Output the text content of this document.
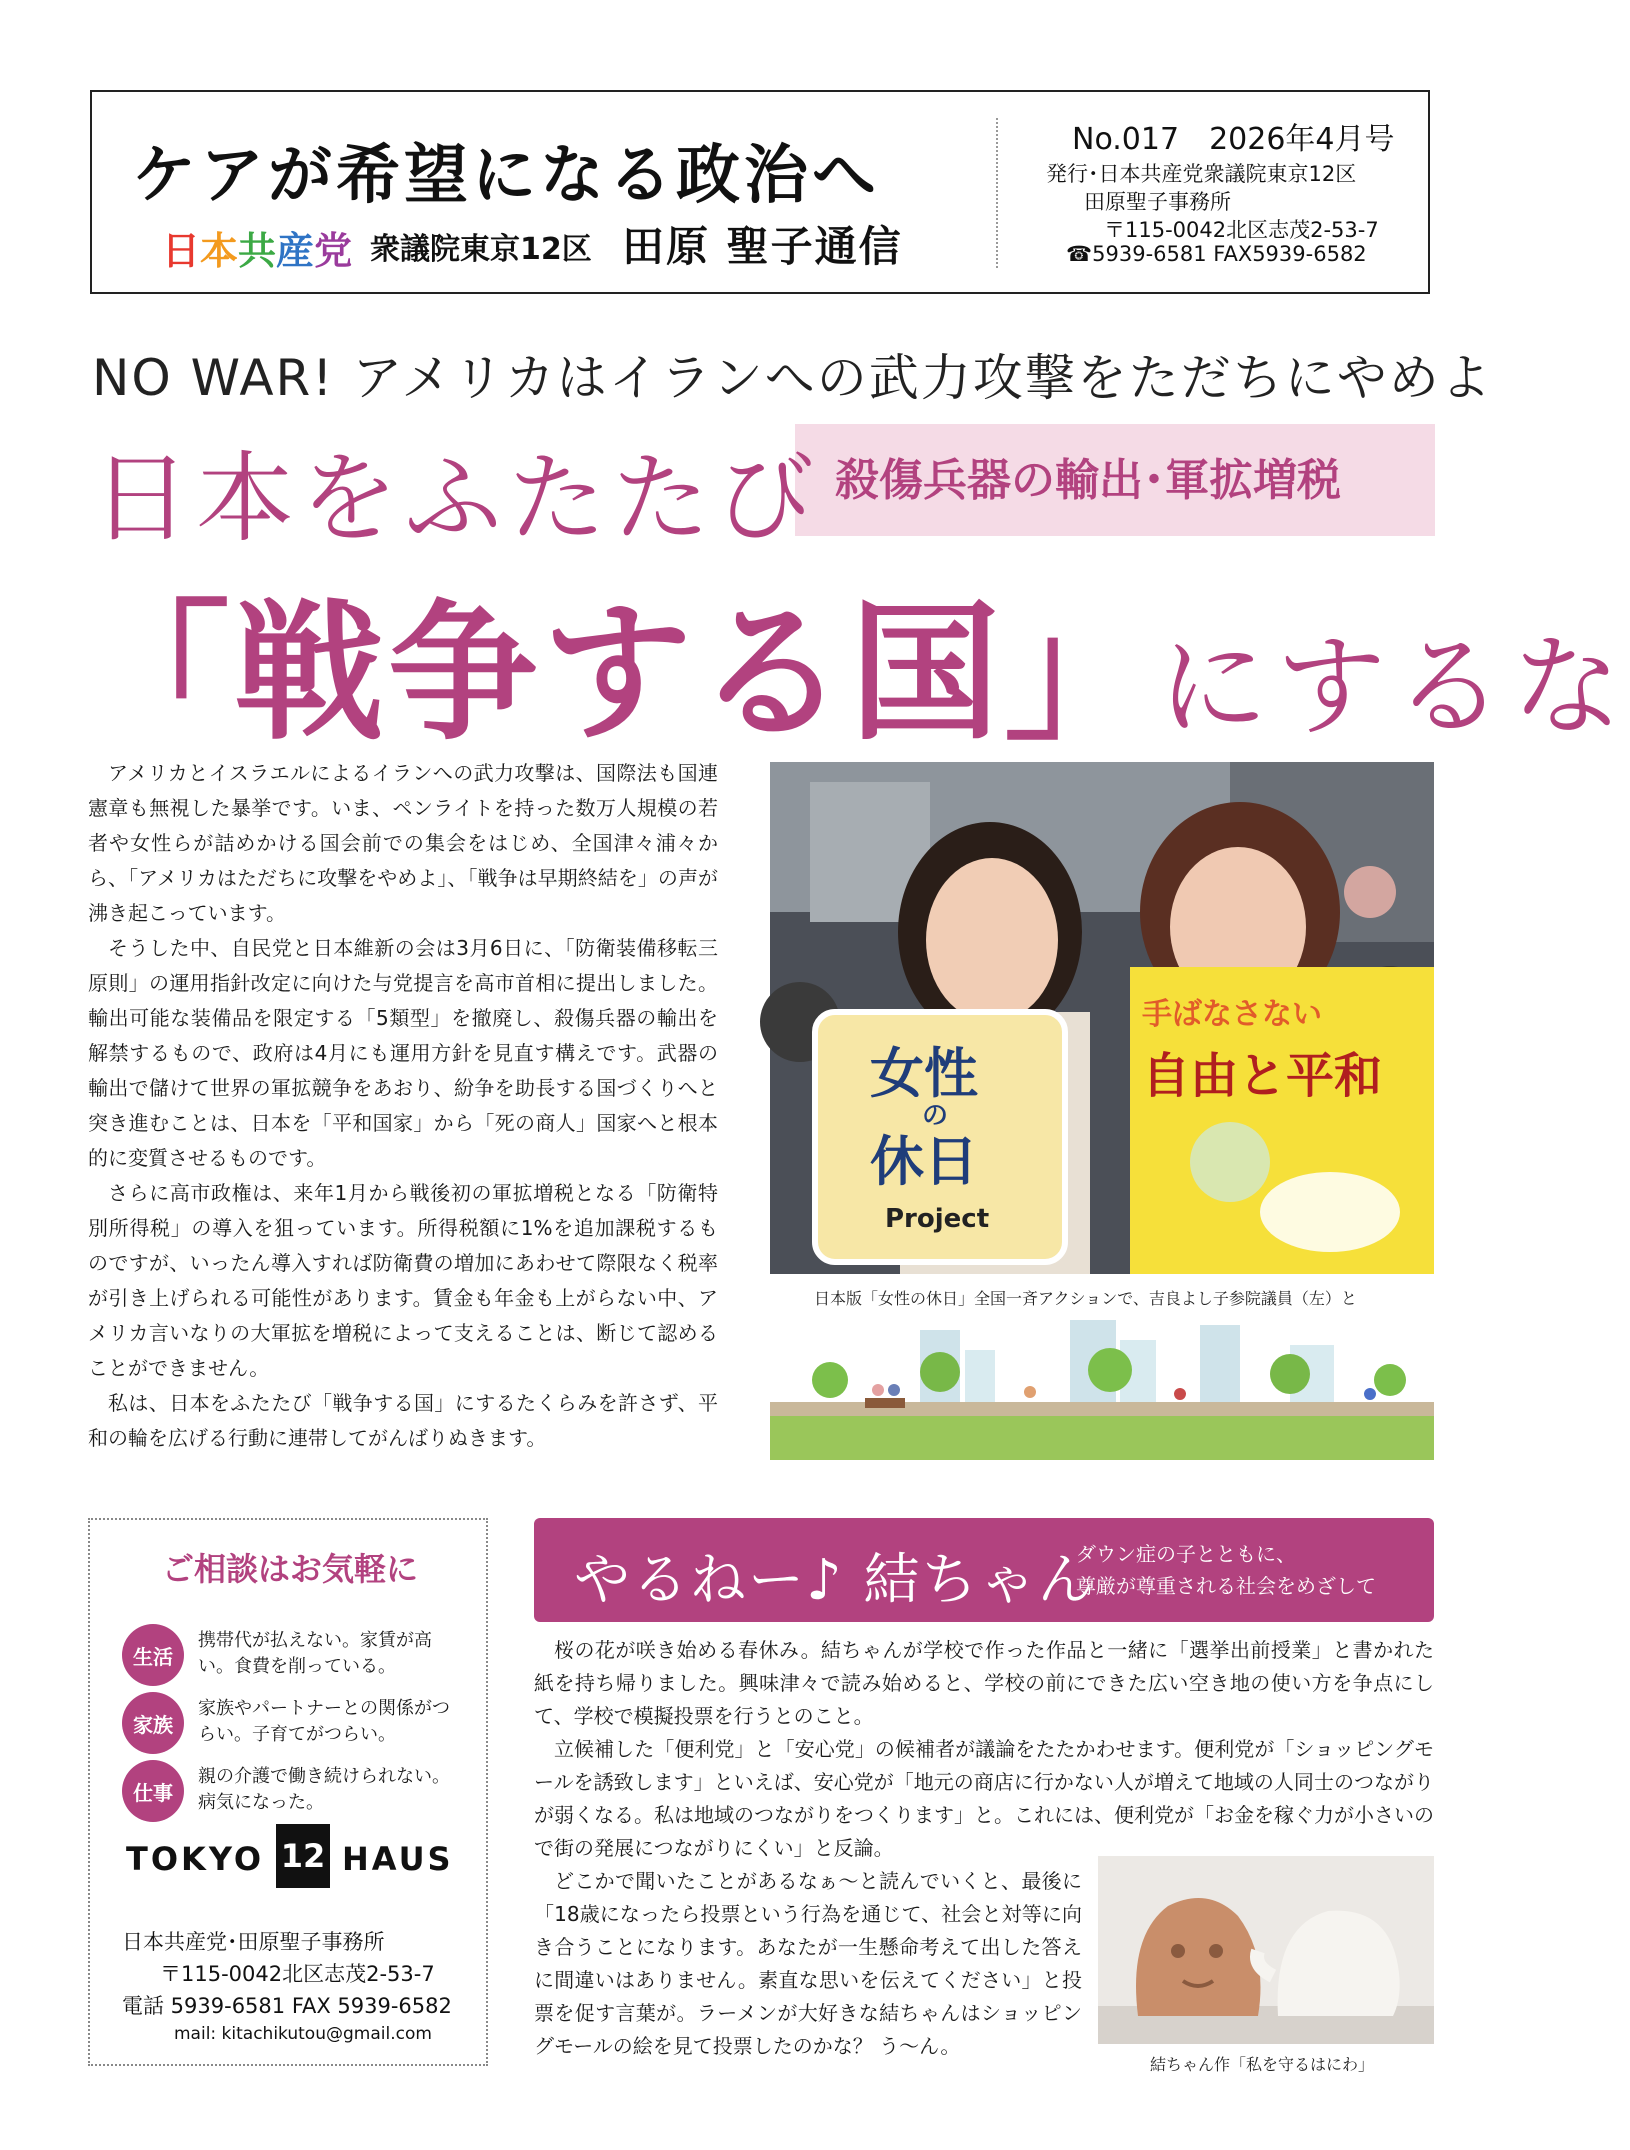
ケアが希望になる政治へ
日本共産党 衆議院東京12区 田原 聖子通信
No.017　2026年4月号
発行･日本共産党衆議院東京12区
田原聖子事務所
〒115-0042北区志茂2-53-7
☎5939-6581 FAX5939-6582
NO WAR! アメリカはイランへの武力攻撃をただちにやめよ
殺傷兵器の輸出･軍拡増税
日本をふたたび
「戦争する国」にするな

アメリカとイスラエルによるイランへの武力攻撃は、国際法も国連憲章も無視した暴挙です。いま、ペンライトを持った数万人規模の若者や女性らが詰めかける国会前での集会をはじめ、全国津々浦々から、「アメリカはただちに攻撃をやめよ」、「戦争は早期終結を」の声が沸き起こっています。

そうした中、自民党と日本維新の会は3月6日に、「防衛装備移転三原則」の運用指針改定に向けた与党提言を高市首相に提出しました。輸出可能な装備品を限定する「5類型」を撤廃し、殺傷兵器の輸出を解禁するもので、政府は4月にも運用方針を見直す構えです。武器の輸出で儲けて世界の軍拡競争をあおり、紛争を助長する国づくりへと突き進むことは、日本を「平和国家」から「死の商人」国家へと根本的に変質させるものです。

さらに高市政権は、来年1月から戦後初の軍拡増税となる「防衛特別所得税」の導入を狙っています。所得税額に1%を追加課税するものですが、いったん導入すれば防衛費の増加にあわせて際限なく税率が引き上げられる可能性があります。賃金も年金も上がらない中、アメリカ言いなりの大軍拡を増税によって支えることは、断じて認めることができません。

私は、日本をふたたび「戦争する国」にするたくらみを許さず、平和の輪を広げる行動に連帯してがんばりぬきます。

女性
の
休日
Project
手ばなさない
自由と平和
日本版「女性の休日」全国一斉アクションで、吉良よし子参院議員（左）と
ご相談はお気軽に
生活
携帯代が払えない。家賃が高い。食費を削っている。
家族
家族やパートナーとの関係がつらい。子育てがつらい。
仕事
親の介護で働き続けられない。病気になった。
TOKYO 12 HAUS
日本共産党･田原聖子事務所
〒115-0042北区志茂2-53-7
電話 5939-6581 FAX 5939-6582
mail: kitachikutou@gmail.com
やるねー♪ 結ちゃん
ダウン症の子とともに、
尊厳が尊重される社会をめざして

桜の花が咲き始める春休み。結ちゃんが学校で作った作品と一緒に「選挙出前授業」と書かれた紙を持ち帰りました。興味津々で読み始めると、学校の前にできた広い空き地の使い方を争点にして、学校で模擬投票を行うとのこと。

立候補した「便利党」と「安心党」の候補者が議論をたたかわせます。便利党が「ショッピングモールを誘致します」といえば、安心党が「地元の商店に行かない人が増えて地域の人同士のつながりが弱くなる。私は地域のつながりをつくります」と。これには、便利党が「お金を稼ぐ力が小さいので街の発展につながりにくい」と反論。

どこかで聞いたことがあるなぁ～と読んでいくと、最後に「18歳になったら投票という行為を通じて、社会と対等に向き合うことになります。あなたが一生懸命考えて出した答えに間違いはありません。素直な思いを伝えてください」と投票を促す言葉が。ラーメンが大好きな結ちゃんはショッピングモールの絵を見て投票したのかな？ う～ん。

結ちゃん作「私を守るはにわ」
